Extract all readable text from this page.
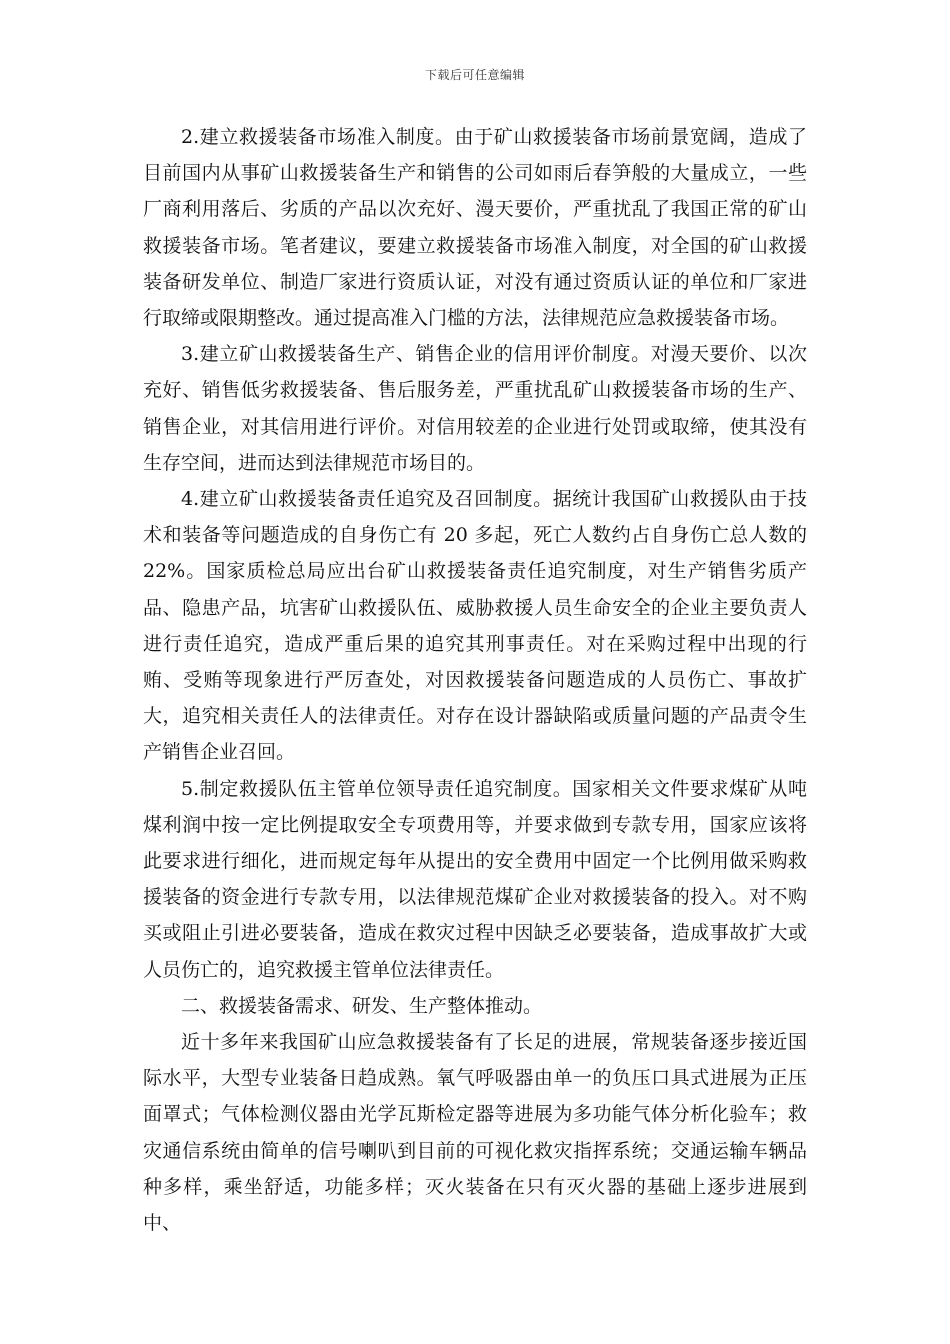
下载后可任意编辑

2.建立救援装备市场准入制度。由于矿山救援装备市场前景宽阔，造成了目前国内从事矿山救援装备生产和销售的公司如雨后春笋般的大量成立，一些厂商利用落后、劣质的产品以次充好、漫天要价，严重扰乱了我国正常的矿山救援装备市场。笔者建议，要建立救援装备市场准入制度，对全国的矿山救援装备研发单位、制造厂家进行资质认证，对没有通过资质认证的单位和厂家进行取缔或限期整改。通过提高准入门槛的方法，法律规范应急救援装备市场。

3.建立矿山救援装备生产、销售企业的信用评价制度。对漫天要价、以次充好、销售低劣救援装备、售后服务差，严重扰乱矿山救援装备市场的生产、销售企业，对其信用进行评价。对信用较差的企业进行处罚或取缔，使其没有生存空间，进而达到法律规范市场目的。

4.建立矿山救援装备责任追究及召回制度。据统计我国矿山救援队由于技术和装备等问题造成的自身伤亡有 20 多起，死亡人数约占自身伤亡总人数的 22%。国家质检总局应出台矿山救援装备责任追究制度，对生产销售劣质产品、隐患产品，坑害矿山救援队伍、威胁救援人员生命安全的企业主要负责人进行责任追究，造成严重后果的追究其刑事责任。对在采购过程中出现的行贿、受贿等现象进行严厉查处，对因救援装备问题造成的人员伤亡、事故扩大，追究相关责任人的法律责任。对存在设计器缺陷或质量问题的产品责令生产销售企业召回。

5.制定救援队伍主管单位领导责任追究制度。国家相关文件要求煤矿从吨煤利润中按一定比例提取安全专项费用等，并要求做到专款专用，国家应该将此要求进行细化，进而规定每年从提出的安全费用中固定一个比例用做采购救援装备的资金进行专款专用，以法律规范煤矿企业对救援装备的投入。对不购买或阻止引进必要装备，造成在救灾过程中因缺乏必要装备，造成事故扩大或人员伤亡的，追究救援主管单位法律责任。

二、救援装备需求、研发、生产整体推动。

近十多年来我国矿山应急救援装备有了长足的进展，常规装备逐步接近国际水平，大型专业装备日趋成熟。氧气呼吸器由单一的负压口具式进展为正压面罩式；气体检测仪器由光学瓦斯检定器等进展为多功能气体分析化验车；救灾通信系统由简单的信号喇叭到目前的可视化救灾指挥系统；交通运输车辆品种多样，乘坐舒适，功能多样；灭火装备在只有灭火器的基础上逐步进展到中、
